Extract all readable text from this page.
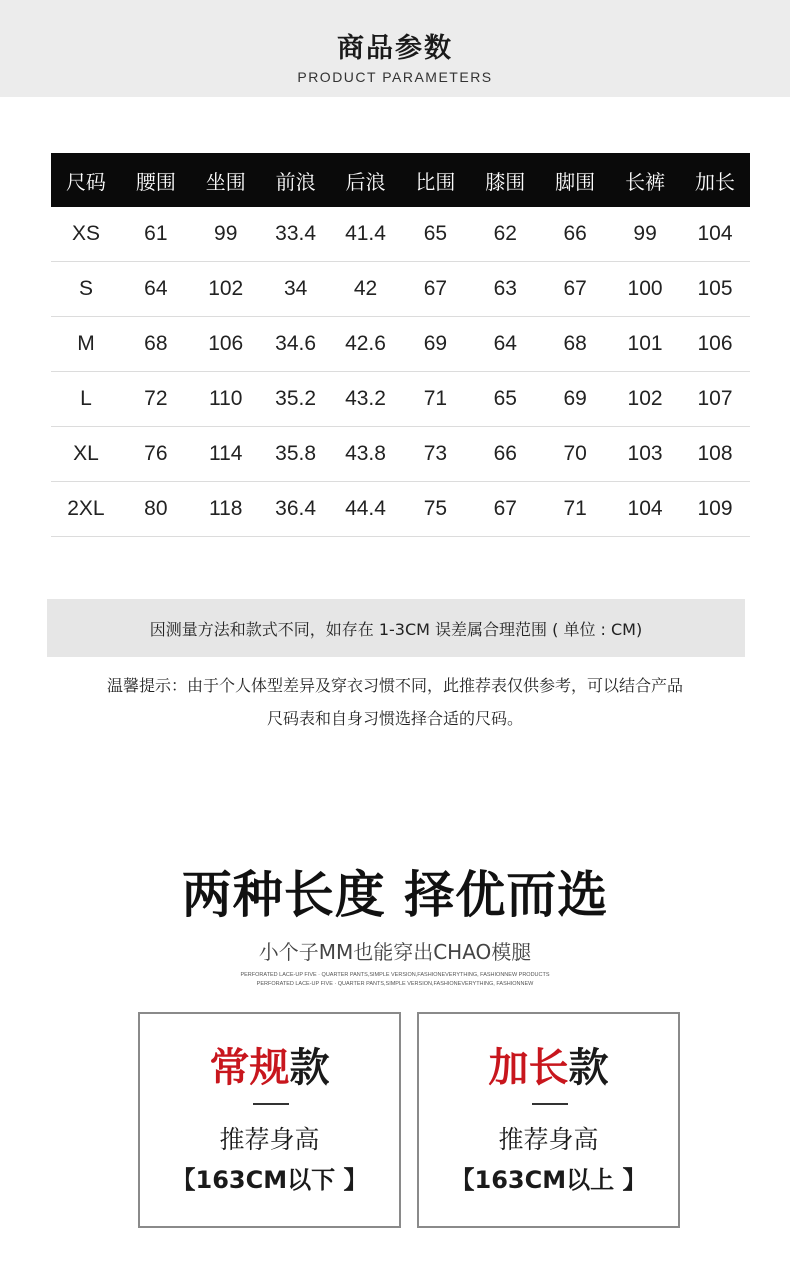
商品参数
PRODUCT PARAMETERS
尺码	腰围	坐围	前浪	后浪	比围	膝围	脚围	长裤	加长
XS	61	99	33.4	41.4	65	62	66	99	104
S	64	102	34	42	67	63	67	100	105
M	68	106	34.6	42.6	69	64	68	101	106
L	72	110	35.2	43.2	71	65	69	102	107
XL	76	114	35.8	43.8	73	66	70	103	108
2XL	80	118	36.4	44.4	75	67	71	104	109
因测量方法和款式不同，如存在 1-3CM 误差属合理范围 ( 单位 : CM)
温馨提示：由于个人体型差异及穿衣习惯不同，此推荐表仅供参考，可以结合产品
尺码表和自身习惯选择合适的尺码。
两种长度 择优而选
小个子MM也能穿出CHAO模腿
PERFORATED LACE-UP FIVE · QUARTER PANTS,SIMPLE VERSION,FASHIONEVERYTHING, FASHIONNEW PRODUCTS
PERFORATED LACE-UP FIVE · QUARTER PANTS,SIMPLE VERSION,FASHIONEVERYTHING, FASHIONNEW
常规款
推荐身高
【163CM以下 】
加长款
推荐身高
【163CM以上 】
